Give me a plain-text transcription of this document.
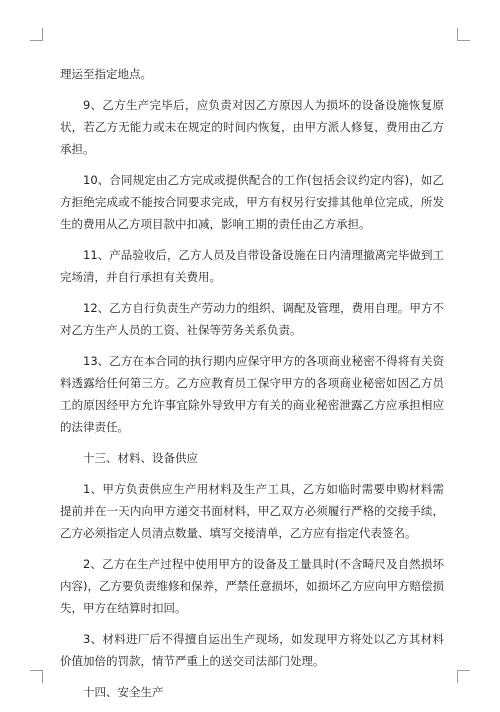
理运至指定地点。

9、乙方生产完毕后，应负责对因乙方原因人为损坏的设备设施恢复原状，若乙方无能力或未在规定的时间内恢复，由甲方派人修复，费用由乙方承担。

10、合同规定由乙方完成或提供配合的工作(包括会议约定内容)，如乙方拒绝完成或不能按合同要求完成，甲方有权另行安排其他单位完成，所发生的费用从乙方项目款中扣减，影响工期的责任由乙方承担。

11、产品验收后，乙方人员及自带设备设施在日内清理撤离完毕做到工完场清，并自行承担有关费用。

12、乙方自行负责生产劳动力的组织、调配及管理，费用自理。甲方不对乙方生产人员的工资、社保等劳务关系负责。

13、乙方在本合同的执行期内应保守甲方的各项商业秘密不得将有关资料透露给任何第三方。乙方应教育员工保守甲方的各项商业秘密如因乙方员工的原因经甲方允许事宜除外导致甲方有关的商业秘密泄露乙方应承担相应的法律责任。

十三、材料、设备供应

1、甲方负责供应生产用材料及生产工具，乙方如临时需要申购材料需提前并在一天内向甲方递交书面材料，甲乙双方必须履行严格的交接手续，乙方必须指定人员清点数量、填写交接清单，乙方应有指定代表签名。

2、乙方在生产过程中使用甲方的设备及工量具时(不含畸尺及自然损坏内容)，乙方要负责维修和保养，严禁任意损坏，如损坏乙方应向甲方赔偿损失，甲方在结算时扣回。

3、材料进厂后不得擅自运出生产现场，如发现甲方将处以乙方其材料价值加倍的罚款，情节严重上的送交司法部门处理。

十四、安全生产
